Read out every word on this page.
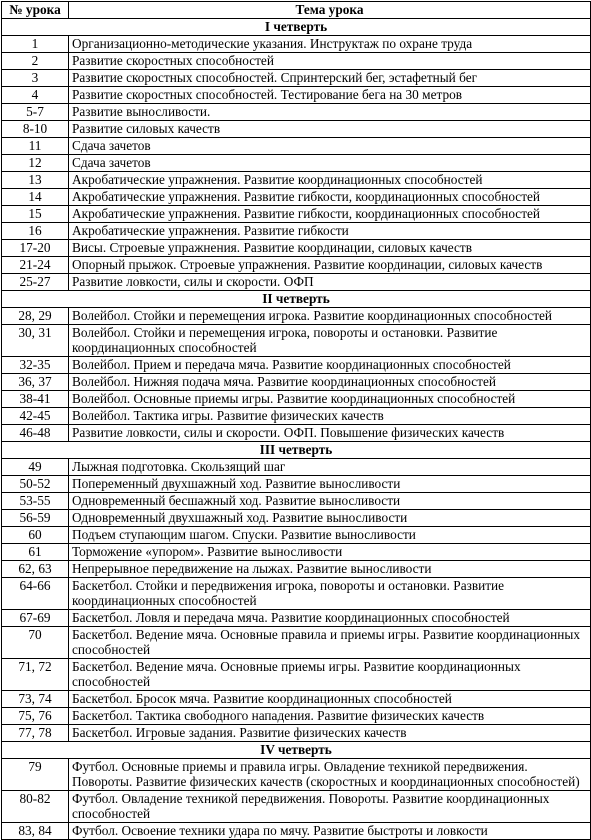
№ урока	Тема урока
I четверть	
1	Организационно-методические указания. Инструктаж по охране труда
2	Развитие скоростных способностей
3	Развитие скоростных способностей. Спринтерский бег, эстафетный бег
4	Развитие скоростных способностей. Тестирование бега на 30 метров
5-7	Развитие выносливости.
8-10	Развитие силовых качеств
11	Сдача зачетов
12	Сдача зачетов
13	Акробатические упражнения. Развитие координационных способностей
14	Акробатические упражнения. Развитие гибкости, координационных способностей
15	Акробатические упражнения. Развитие гибкости, координационных способностей
16	Акробатические упражнения. Развитие гибкости
17-20	Висы. Строевые упражнения. Развитие координации, силовых качеств
21-24	Опорный прыжок. Строевые упражнения. Развитие координации, силовых качеств
25-27	Развитие ловкости, силы и скорости. ОФП
II четверть	
28, 29	Волейбол. Стойки и перемещения игрока. Развитие координационных способностей
30, 31	Волейбол. Стойки и перемещения игрока, повороты и остановки. Развитие координационных способностей
32-35	Волейбол. Прием и передача мяча. Развитие координационных способностей
36, 37	Волейбол. Нижняя подача мяча. Развитие координационных способностей
38-41	Волейбол. Основные приемы игры. Развитие координационных способностей
42-45	Волейбол. Тактика игры. Развитие физических качеств
46-48	Развитие ловкости, силы и скорости. ОФП. Повышение физических качеств
III четверть	
49	Лыжная подготовка. Скользящий шаг
50-52	Попеременный двухшажный ход. Развитие выносливости
53-55	Одновременный бесшажный ход. Развитие выносливости
56-59	Одновременный двухшажный ход. Развитие выносливости
60	Подъем ступающим шагом. Спуски. Развитие выносливости
61	Торможение «упором». Развитие выносливости
62, 63	Непрерывное передвижение на лыжах. Развитие выносливости
64-66	Баскетбол. Стойки и передвижения игрока, повороты и остановки. Развитие координационных способностей
67-69	Баскетбол. Ловля и передача мяча. Развитие координационных способностей
70	Баскетбол. Ведение мяча. Основные правила и приемы игры. Развитие координационных способностей
71, 72	Баскетбол. Ведение мяча. Основные приемы игры. Развитие координационных способностей
73, 74	Баскетбол. Бросок мяча. Развитие координационных способностей
75, 76	Баскетбол. Тактика свободного нападения. Развитие физических качеств
77, 78	Баскетбол. Игровые задания. Развитие физических качеств
IV четверть	
79	Футбол. Основные приемы и правила игры. Овладение техникой передвижения. Повороты. Развитие физических качеств (скоростных и координационных способностей)
80-82	Футбол. Овладение техникой передвижения. Повороты. Развитие координационных способностей
83, 84	Футбол. Освоение техники удара по мячу. Развитие быстроты и ловкости
